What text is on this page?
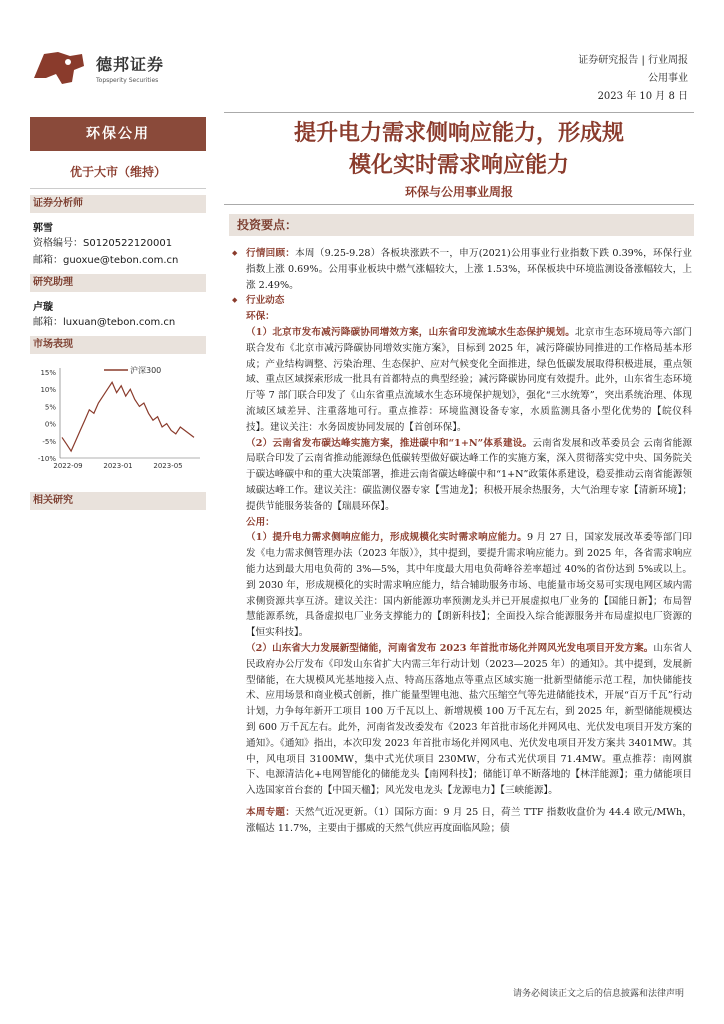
德邦证券
Topsperity Securities
证券研究报告 | 行业周报
公用事业
2023 年 10 月 8 日
环保公用
优于大市（维持）
证券分析师
郭雪
资格编号：S0120522120001
邮箱：guoxue@tebon.com.cn
研究助理
卢璇
邮箱：luxuan@tebon.com.cn
市场表现
15%
10%
5%
0%
-5%
-10%
2022-09	2023-01	2023-05
沪深300
相关研究
提升电力需求侧响应能力，形成规
模化实时需求响应能力
环保与公用事业周报
投资要点：

◆ 行情回顾：本周（9.25-9.28）各板块涨跌不一，申万(2021)公用事业行业指数下跌 0.39%，环保行业指数上涨 0.69%。公用事业板块中燃气涨幅较大，上涨 1.53%，环保板块中环境监测设备涨幅较大，上涨 2.49%。

◆ 行业动态

环保：

（1）北京市发布减污降碳协同增效方案，山东省印发流域水生态保护规划。北京市生态环境局等六部门联合发布《北京市减污降碳协同增效实施方案》，目标到 2025 年，减污降碳协同推进的工作格局基本形成；产业结构调整、污染治理、生态保护、应对气候变化全面推进，绿色低碳发展取得积极进展，重点领域、重点区域探索形成一批具有首都特点的典型经验；减污降碳协同度有效提升。此外，山东省生态环境厅等 7 部门联合印发了《山东省重点流域水生态环境保护规划》，强化“三水统筹”，突出系统治理、体现流域区域差异、注重落地可行。重点推荐：环境监测设备专家，水质监测具备小型化优势的【皖仪科技】。建议关注：水务固废协同发展的【首创环保】。

（2）云南省发布碳达峰实施方案，推进碳中和“1+N”体系建设。云南省发展和改革委员会 云南省能源局联合印发了云南省推动能源绿色低碳转型做好碳达峰工作的实施方案，深入贯彻落实党中央、国务院关于碳达峰碳中和的重大决策部署，推进云南省碳达峰碳中和“1+N”政策体系建设，稳妥推动云南省能源领域碳达峰工作。建议关注：碳监测仪器专家【雪迪龙】；积极开展余热服务，大气治理专家【清新环境】；提供节能服务装备的【瑞晨环保】。

公用：

（1）提升电力需求侧响应能力，形成规模化实时需求响应能力。9 月 27 日，国家发展改革委等部门印发《电力需求侧管理办法（2023 年版）》，其中提到，要提升需求响应能力。到 2025 年，各省需求响应能力达到最大用电负荷的 3%—5%，其中年度最大用电负荷峰谷差率超过 40%的省份达到 5%或以上。到 2030 年，形成规模化的实时需求响应能力，结合辅助服务市场、电能量市场交易可实现电网区域内需求侧资源共享互济。建议关注：国内新能源功率预测龙头并已开展虚拟电厂业务的【国能日新】；布局智慧能源系统，具备虚拟电厂业务支撑能力的【朗新科技】；全面投入综合能源服务并布局虚拟电厂资源的【恒实科技】。

（2）山东省大力发展新型储能，河南省发布 2023 年首批市场化并网风光发电项目开发方案。山东省人民政府办公厅发布《印发山东省扩大内需三年行动计划（2023—2025 年）的通知》。其中提到，发展新型储能，在大规模风光基地接入点、特高压落地点等重点区域实施一批新型储能示范工程，加快储能技术、应用场景和商业模式创新，推广能量型锂电池、盐穴压缩空气等先进储能技术，开展“百万千瓦”行动计划，力争每年新开工项目 100 万千瓦以上、新增规模 100 万千瓦左右，到 2025 年，新型储能规模达到 600 万千瓦左右。此外，河南省发改委发布《2023 年首批市场化并网风电、光伏发电项目开发方案的通知》。《通知》指出，本次印发 2023 年首批市场化并网风电、光伏发电项目开发方案共 3401MW。其中，风电项目 3100MW，集中式光伏项目 230MW，分布式光伏项目 71.4MW。重点推荐：南网旗下、电源清洁化+电网智能化的储能龙头【南网科技】；储能订单不断落地的【林洋能源】；重力储能项目入选国家首台套的【中国天楹】；风光发电龙头【龙源电力】【三峡能源】。

本周专题：天然气近况更新。（1）国际方面：9 月 25 日，荷兰 TTF 指数收盘价为 44.4 欧元/MWh，涨幅达 11.7%，主要由于挪威的天然气供应再度面临风险；债

请务必阅读正文之后的信息披露和法律声明
